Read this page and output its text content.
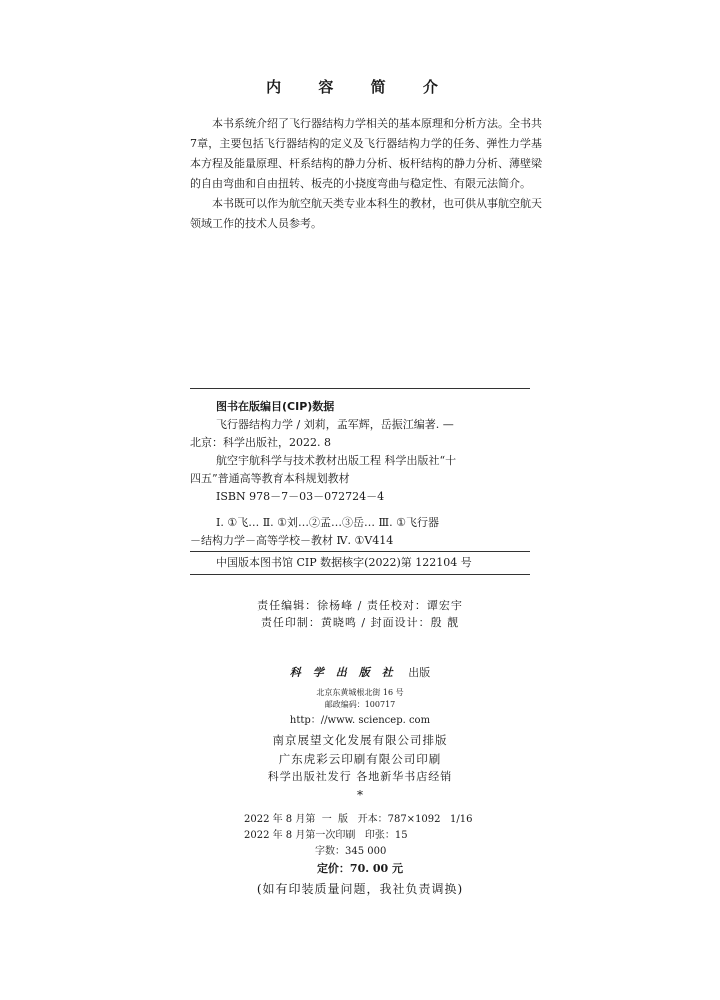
内 容 简 介

本书系统介绍了飞行器结构力学相关的基本原理和分析方法。全书共7章，主要包括飞行器结构的定义及飞行器结构力学的任务、弹性力学基本方程及能量原理、杆系结构的静力分析、板杆结构的静力分析、薄壁梁的自由弯曲和自由扭转、板壳的小挠度弯曲与稳定性、有限元法简介。

本书既可以作为航空航天类专业本科生的教材，也可供从事航空航天领域工作的技术人员参考。

图书在版编目(CIP)数据
飞行器结构力学 / 刘莉，孟军辉，岳振江编著. —
北京：科学出版社，2022. 8
航空宇航科学与技术教材出版工程 科学出版社“十
四五”普通高等教育本科规划教材
ISBN 978－7－03－072724－4
Ⅰ. ①飞… Ⅱ. ①刘…②孟…③岳… Ⅲ. ①飞行器
－结构力学－高等学校－教材 Ⅳ. ①V414
中国版本图书馆 CIP 数据核字(2022)第 122104 号
责任编辑：徐杨峰 / 责任校对：谭宏宇
责任印制：黄晓鸣 / 封面设计：殷 靓
科学出版社 出版
北京东黄城根北街 16 号
邮政编码：100717
http：//www. sciencep. com
南京展望文化发展有限公司排版
广东虎彩云印刷有限公司印刷
科学出版社发行 各地新华书店经销
*
2022 年 8 月第  一  版   开本：787×1092   1/16
2022 年 8 月第一次印刷   印张：15
字数：345 000
定价：70. 00 元
(如有印装质量问题，我社负责调换)
